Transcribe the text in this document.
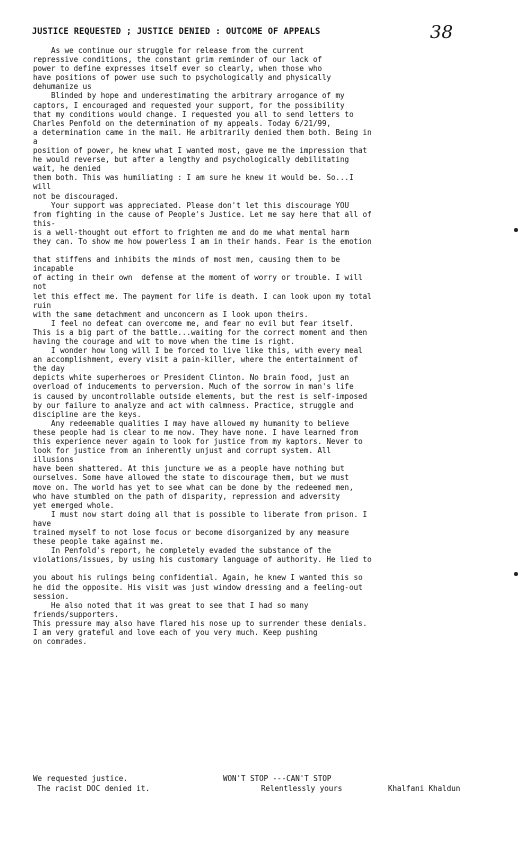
JUSTICE REQUESTED ; JUSTICE DENIED : OUTCOME OF APPEALS	38
As we continue our struggle for release from the current
repressive conditions, the constant grim reminder of our lack of
power to define expresses itself ever so clearly, when those who
have positions of power use such to psychologically and physically
dehumanize us
Blinded by hope and underestimating the arbitrary arrogance of my
captors, I encouraged and requested your support, for the possibility
that my conditions would change. I requested you all to send letters to
Charles Penfold on the determination of my appeals. Today 6/21/99,
a determination came in the mail. He arbitrarily denied them both. Being in
a
position of power, he knew what I wanted most, gave me the impression that
he would reverse, but after a lengthy and psychologically debilitating
wait, he denied
them both. This was humiliating : I am sure he knew it would be. So...I
will
not be discouraged.
Your support was appreciated. Please don't let this discourage YOU
from fighting in the cause of People's Justice. Let me say here that all of
this-
is a well-thought out effort to frighten me and do me what mental harm
they can. To show me how powerless I am in their hands. Fear is the emotion

that stiffens and inhibits the minds of most men, causing them to be
incapable
of acting in their own  defense at the moment of worry or trouble. I will
not
let this effect me. The payment for life is death. I can look upon my total
ruin
with the same detachment and unconcern as I look upon theirs.
I feel no defeat can overcome me, and fear no evil but fear itself.
This is a big part of the battle...waiting for the correct moment and then
having the courage and wit to move when the time is right.
I wonder how long will I be forced to live like this, with every meal
an accomplishment, every visit a pain-killer, where the entertainment of
the day
depicts white superheroes or President Clinton. No brain food, just an
overload of inducements to perversion. Much of the sorrow in man's life
is caused by uncontrollable outside elements, but the rest is self-imposed
by our failure to analyze and act with calmness. Practice, struggle and
discipline are the keys.
Any redeemable qualities I may have allowed my humanity to believe
these people had is clear to me now. They have none. I have learned from
this experience never again to look for justice from my kaptors. Never to
look for justice from an inherently unjust and corrupt system. All
illusions
have been shattered. At this juncture we as a people have nothing but
ourselves. Some have allowed the state to discourage them, but we must
move on. The world has yet to see what can be done by the redeemed men,
who have stumbled on the path of disparity, repression and adversity
yet emerged whole.
I must now start doing all that is possible to liberate from prison. I
have
trained myself to not lose focus or become disorganized by any measure
these people take against me.
In Penfold's report, he completely evaded the substance of the
violations/issues, by using his customary language of authority. He lied to

you about his rulings being confidential. Again, he knew I wanted this so
he did the opposite. His visit was just window dressing and a feeling-out
session.
He also noted that it was great to see that I had so many
friends/supporters.
This pressure may also have flared his nose up to surrender these denials.
I am very grateful and love each of you very much. Keep pushing
on comrades.

We requested justice.

The racist DOC denied it.

WON'T STOP ---CAN'T STOP

Relentlessly yours

	Khalfani Khaldun
